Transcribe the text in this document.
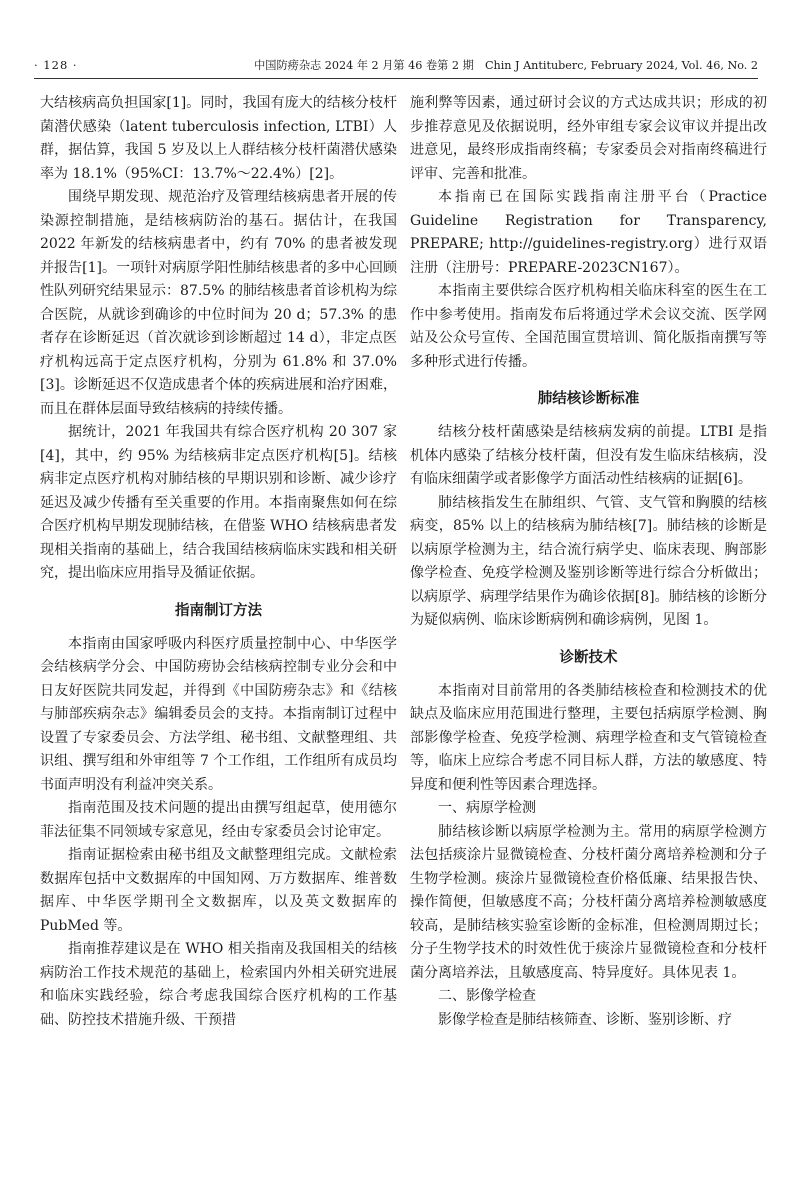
· 128 ·	中国防痨杂志 2024 年 2 月第 46 卷第 2 期　Chin J Antituberc, February 2024, Vol. 46, No. 2

大结核病高负担国家[1]。同时，我国有庞大的结核分枝杆菌潜伏感染（latent tuberculosis infection, LTBI）人群，据估算，我国 5 岁及以上人群结核分枝杆菌潜伏感染率为 18.1%（95%CI：13.7%～22.4%）[2]。

围绕早期发现、规范治疗及管理结核病患者开展的传染源控制措施，是结核病防治的基石。据估计，在我国 2022 年新发的结核病患者中，约有 70% 的患者被发现并报告[1]。一项针对病原学阳性肺结核患者的多中心回顾性队列研究结果显示：87.5% 的肺结核患者首诊机构为综合医院，从就诊到确诊的中位时间为 20 d；57.3% 的患者存在诊断延迟（首次就诊到诊断超过 14 d），非定点医疗机构远高于定点医疗机构，分别为 61.8% 和 37.0%[3]。诊断延迟不仅造成患者个体的疾病进展和治疗困难，而且在群体层面导致结核病的持续传播。

据统计，2021 年我国共有综合医疗机构 20 307 家[4]，其中，约 95% 为结核病非定点医疗机构[5]。结核病非定点医疗机构对肺结核的早期识别和诊断、减少诊疗延迟及减少传播有至关重要的作用。本指南聚焦如何在综合医疗机构早期发现肺结核，在借鉴 WHO 结核病患者发现相关指南的基础上，结合我国结核病临床实践和相关研究，提出临床应用指导及循证依据。

指南制订方法

本指南由国家呼吸内科医疗质量控制中心、中华医学会结核病学分会、中国防痨协会结核病控制专业分会和中日友好医院共同发起，并得到《中国防痨杂志》和《结核与肺部疾病杂志》编辑委员会的支持。本指南制订过程中设置了专家委员会、方法学组、秘书组、文献整理组、共识组、撰写组和外审组等 7 个工作组，工作组所有成员均书面声明没有利益冲突关系。

指南范围及技术问题的提出由撰写组起草，使用德尔菲法征集不同领域专家意见，经由专家委员会讨论审定。

指南证据检索由秘书组及文献整理组完成。文献检索数据库包括中文数据库的中国知网、万方数据库、维普数据库、中华医学期刊全文数据库，以及英文数据库的 PubMed 等。

指南推荐建议是在 WHO 相关指南及我国相关的结核病防治工作技术规范的基础上，检索国内外相关研究进展和临床实践经验，综合考虑我国综合医疗机构的工作基础、防控技术措施升级、干预措

施利弊等因素，通过研讨会议的方式达成共识；形成的初步推荐意见及依据说明，经外审组专家会议审议并提出改进意见，最终形成指南终稿；专家委员会对指南终稿进行评审、完善和批准。

本指南已在国际实践指南注册平台（Practice Guideline Registration for Transparency, PREPARE; http://guidelines-registry.org）进行双语注册（注册号：PREPARE-2023CN167）。

本指南主要供综合医疗机构相关临床科室的医生在工作中参考使用。指南发布后将通过学术会议交流、医学网站及公众号宣传、全国范围宣贯培训、简化版指南撰写等多种形式进行传播。

肺结核诊断标准

结核分枝杆菌感染是结核病发病的前提。LTBI 是指机体内感染了结核分枝杆菌，但没有发生临床结核病，没有临床细菌学或者影像学方面活动性结核病的证据[6]。

肺结核指发生在肺组织、气管、支气管和胸膜的结核病变，85% 以上的结核病为肺结核[7]。肺结核的诊断是以病原学检测为主，结合流行病学史、临床表现、胸部影像学检查、免疫学检测及鉴别诊断等进行综合分析做出；以病原学、病理学结果作为确诊依据[8]。肺结核的诊断分为疑似病例、临床诊断病例和确诊病例，见图 1。

诊断技术

本指南对目前常用的各类肺结核检查和检测技术的优缺点及临床应用范围进行整理，主要包括病原学检测、胸部影像学检查、免疫学检测、病理学检查和支气管镜检查等，临床上应综合考虑不同目标人群，方法的敏感度、特异度和便利性等因素合理选择。

一、病原学检测

肺结核诊断以病原学检测为主。常用的病原学检测方法包括痰涂片显微镜检查、分枝杆菌分离培养检测和分子生物学检测。痰涂片显微镜检查价格低廉、结果报告快、操作简便，但敏感度不高；分枝杆菌分离培养检测敏感度较高，是肺结核实验室诊断的金标准，但检测周期过长；分子生物学技术的时效性优于痰涂片显微镜检查和分枝杆菌分离培养法，且敏感度高、特异度好。具体见表 1。

二、影像学检查

影像学检查是肺结核筛查、诊断、鉴别诊断、疗
